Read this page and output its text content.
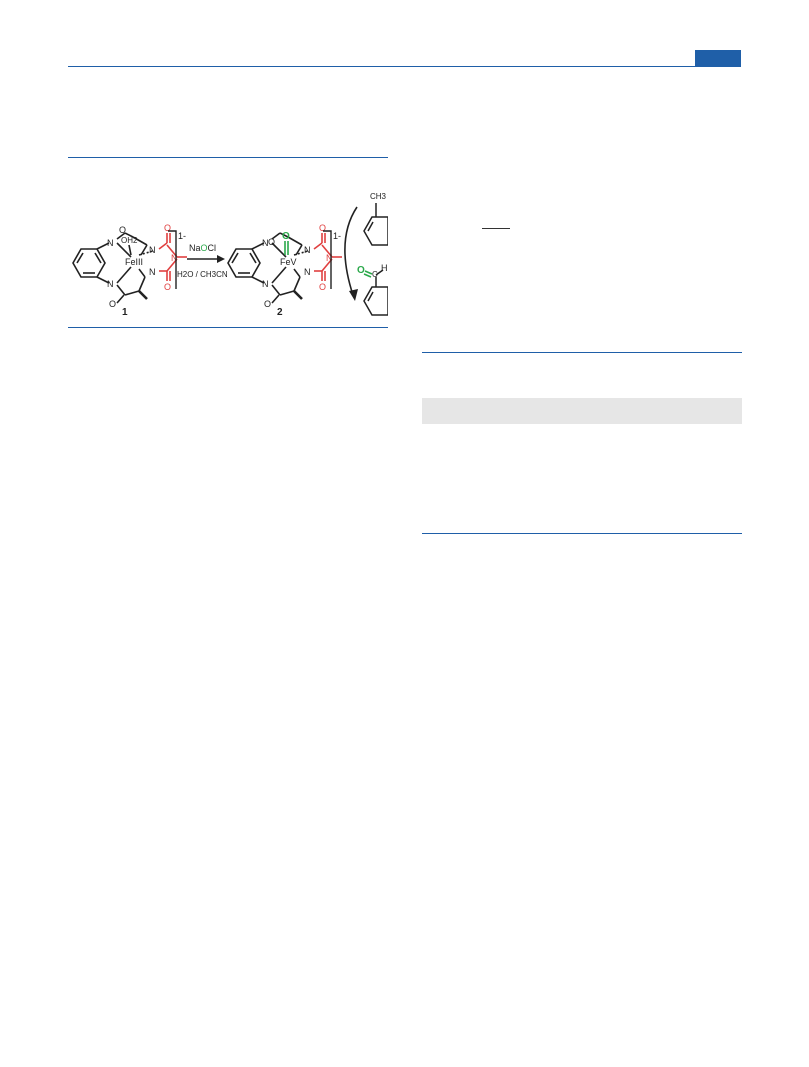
N
N
O
O
OH2
FeIII
N
N
O
N
O
1-
1
NaOCl
H2O / CH3CN
N
N
O
O
FeV
N
N
O
O
N
O
1-
2
CH3
O C
H
